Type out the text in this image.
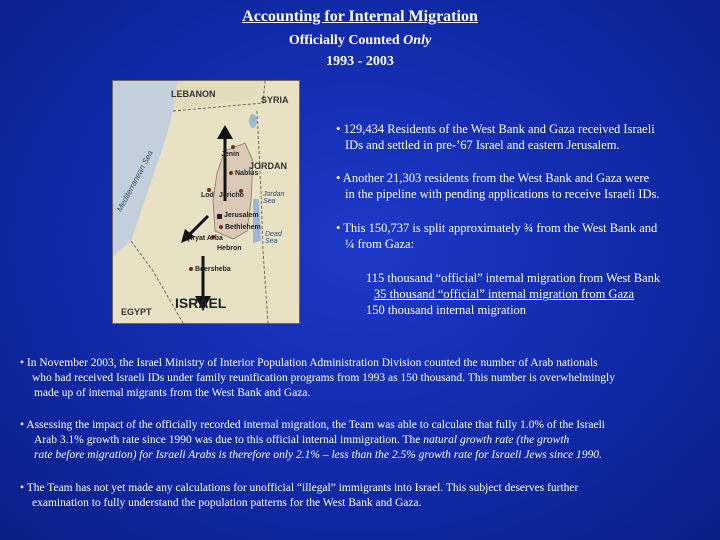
Accounting for Internal Migration
Officially Counted Only
1993 - 2003
LEBANON
SYRIA
JORDAN
EGYPT
ISRAEL
Mediterranean Sea	Jenin
Nablus
Lod Jericho	Jordan Sea
Jerusalem
Bethlehem
Qiryat Arba
Hebron
Dead Sea
Beersheba
• 129,434 Residents of the West Bank and Gaza received Israeli
IDs and settled in pre-’67 Israel and eastern Jerusalem.
• Another 21,303 residents from the West Bank and Gaza were
in the pipeline with pending applications to receive Israeli IDs.
• This 150,737 is split approximately ¾ from the West Bank and
¼ from Gaza:
115 thousand “official” internal migration from West Bank
35 thousand “official” internal migration from Gaza
150 thousand internal migration
• In November 2003, the Israel Ministry of Interior Population Administration Division counted the number of Arab nationals
who had received Israeli IDs under family reunification programs from 1993 as 150 thousand. This number is overwhelmingly
made up of internal migrants from the West Bank and Gaza.
• Assessing the impact of the officially recorded internal migration, the Team was able to calculate that fully 1.0% of the Israeli
Arab 3.1% growth rate since 1990 was due to this official internal immigration. The natural growth rate (the growth
rate before migration) for Israeli Arabs is therefore only 2.1% – less than the 2.5% growth rate for Israeli Jews since 1990.
• The Team has not yet made any calculations for unofficial “illegal” immigrants into Israel. This subject deserves further
examination to fully understand the population patterns for the West Bank and Gaza.
